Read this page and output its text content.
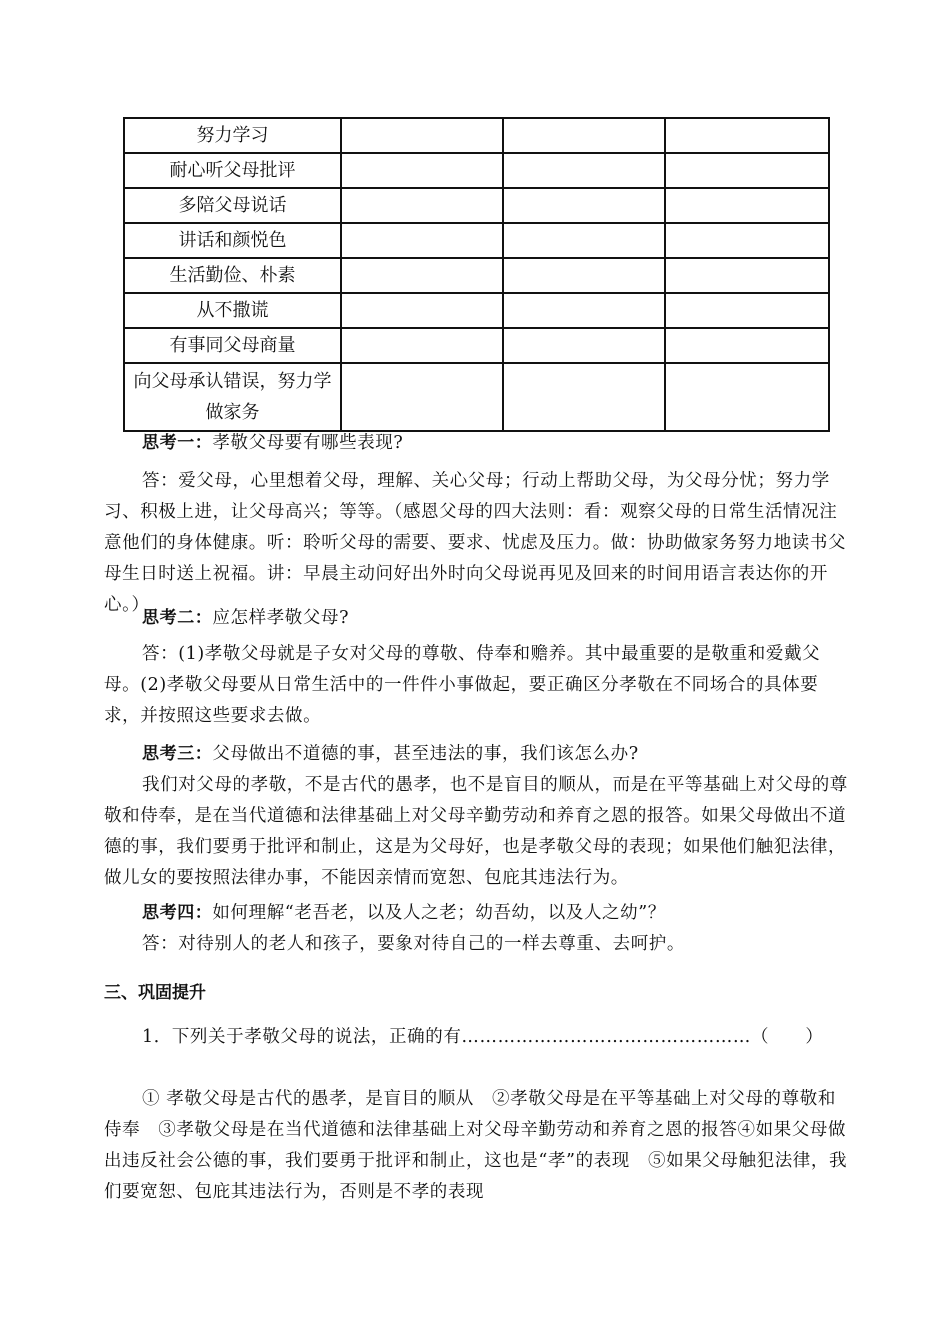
努力学习			
耐心听父母批评			
多陪父母说话			
讲话和颜悦色			
生活勤俭、朴素			
从不撒谎			
有事同父母商量			
向父母承认错误，努力学做家务			
思考一：孝敬父母要有哪些表现?
答：爱父母，心里想着父母，理解、关心父母；行动上帮助父母，为父母分忧；努力学习、积极上进，让父母高兴；等等。（感恩父母的四大法则：看：观察父母的日常生活情况注意他们的身体健康。听：聆听父母的需要、要求、忧虑及压力。做：协助做家务努力地读书父母生日时送上祝福。讲：早晨主动问好出外时向父母说再见及回来的时间用语言表达你的开心。）
思考二：应怎样孝敬父母?
答：(1)孝敬父母就是子女对父母的尊敬、侍奉和赡养。其中最重要的是敬重和爱戴父母。(2)孝敬父母要从日常生活中的一件件小事做起，要正确区分孝敬在不同场合的具体要求，并按照这些要求去做。
思考三：父母做出不道德的事，甚至违法的事，我们该怎么办?
我们对父母的孝敬，不是古代的愚孝，也不是盲目的顺从，而是在平等基础上对父母的尊敬和侍奉，是在当代道德和法律基础上对父母辛勤劳动和养育之恩的报答。如果父母做出不道德的事，我们要勇于批评和制止，这是为父母好，也是孝敬父母的表现；如果他们触犯法律，做儿女的要按照法律办事，不能因亲情而宽恕、包庇其违法行为。
思考四：如何理解“老吾老，以及人之老；幼吾幼，以及人之幼”？
答：对待别人的老人和孩子，要象对待自己的一样去尊重、去呵护。
三、巩固提升
1．下列关于孝敬父母的说法，正确的有…………………………………………（　　）
① 孝敬父母是古代的愚孝，是盲目的顺从　②孝敬父母是在平等基础上对父母的尊敬和侍奉　③孝敬父母是在当代道德和法律基础上对父母辛勤劳动和养育之恩的报答④如果父母做出违反社会公德的事，我们要勇于批评和制止，这也是“孝”的表现　⑤如果父母触犯法律，我们要宽恕、包庇其违法行为，否则是不孝的表现
